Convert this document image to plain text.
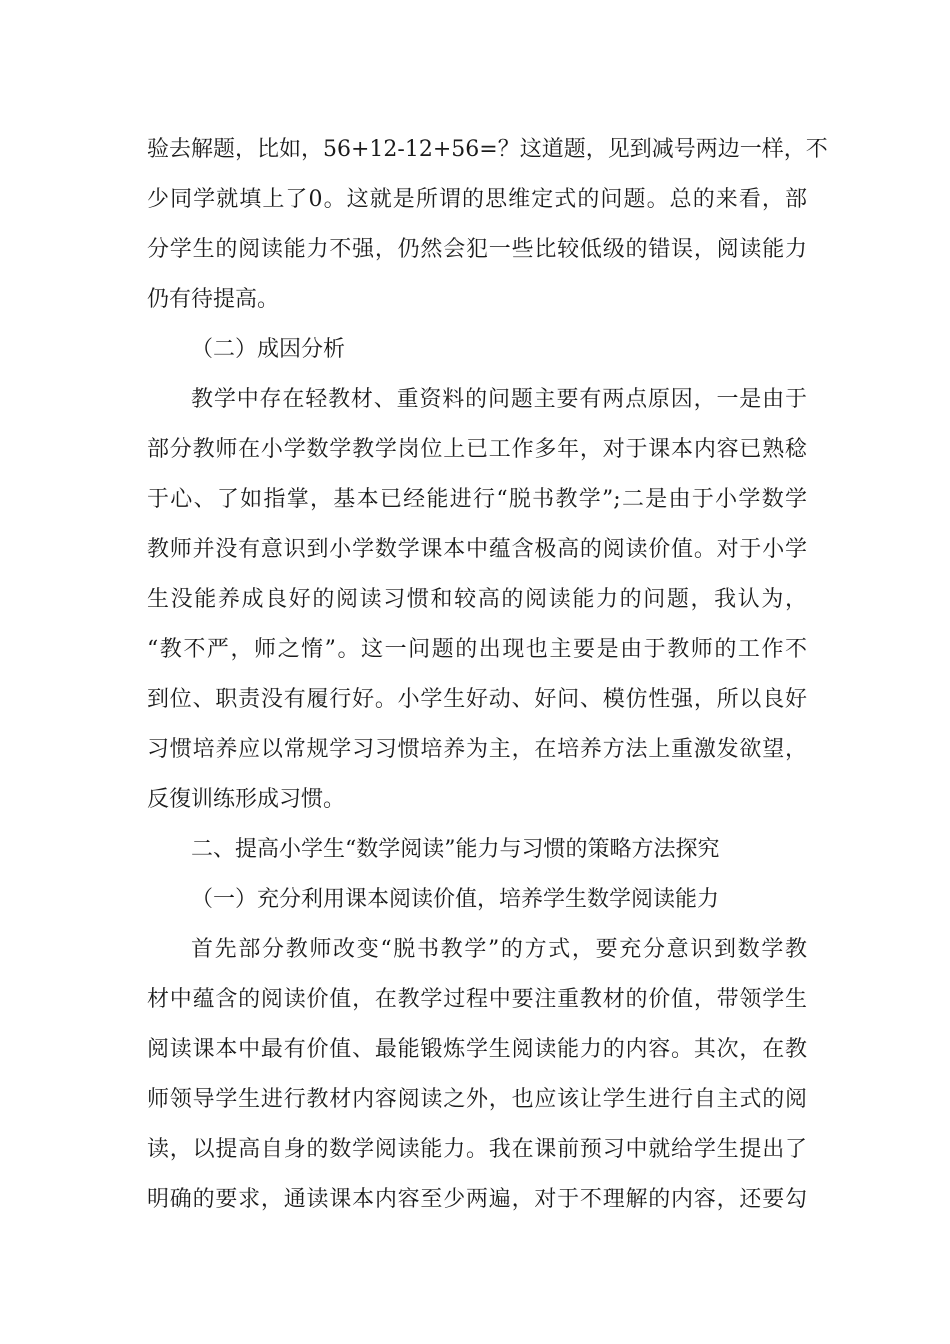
验去解题，比如，56+12-12+56=？这道题，见到减号两边一样，不

少同学就填上了0。这就是所谓的思维定式的问题。总的来看，部

分学生的阅读能力不强，仍然会犯一些比较低级的错误，阅读能力

仍有待提高。

（二）成因分析

教学中存在轻教材、重资料的问题主要有两点原因，一是由于

部分教师在小学数学教学岗位上已工作多年，对于课本内容已熟稔

于心、了如指掌，基本已经能进行“脱书教学”;二是由于小学数学

教师并没有意识到小学数学课本中蕴含极高的阅读价值。对于小学

生没能养成良好的阅读习惯和较高的阅读能力的问题，我认为，

“教不严，师之惰”。这一问题的出现也主要是由于教师的工作不

到位、职责没有履行好。小学生好动、好问、模仿性强，所以良好

习惯培养应以常规学习习惯培养为主，在培养方法上重激发欲望，

反復训练形成习惯。

二、提高小学生“数学阅读”能力与习惯的策略方法探究

（一）充分利用课本阅读价值，培养学生数学阅读能力

首先部分教师改变“脱书教学”的方式，要充分意识到数学教

材中蕴含的阅读价值，在教学过程中要注重教材的价值，带领学生

阅读课本中最有价值、最能锻炼学生阅读能力的内容。其次，在教

师领导学生进行教材内容阅读之外，也应该让学生进行自主式的阅

读，以提高自身的数学阅读能力。我在课前预习中就给学生提出了

明确的要求，通读课本内容至少两遍，对于不理解的内容，还要勾
